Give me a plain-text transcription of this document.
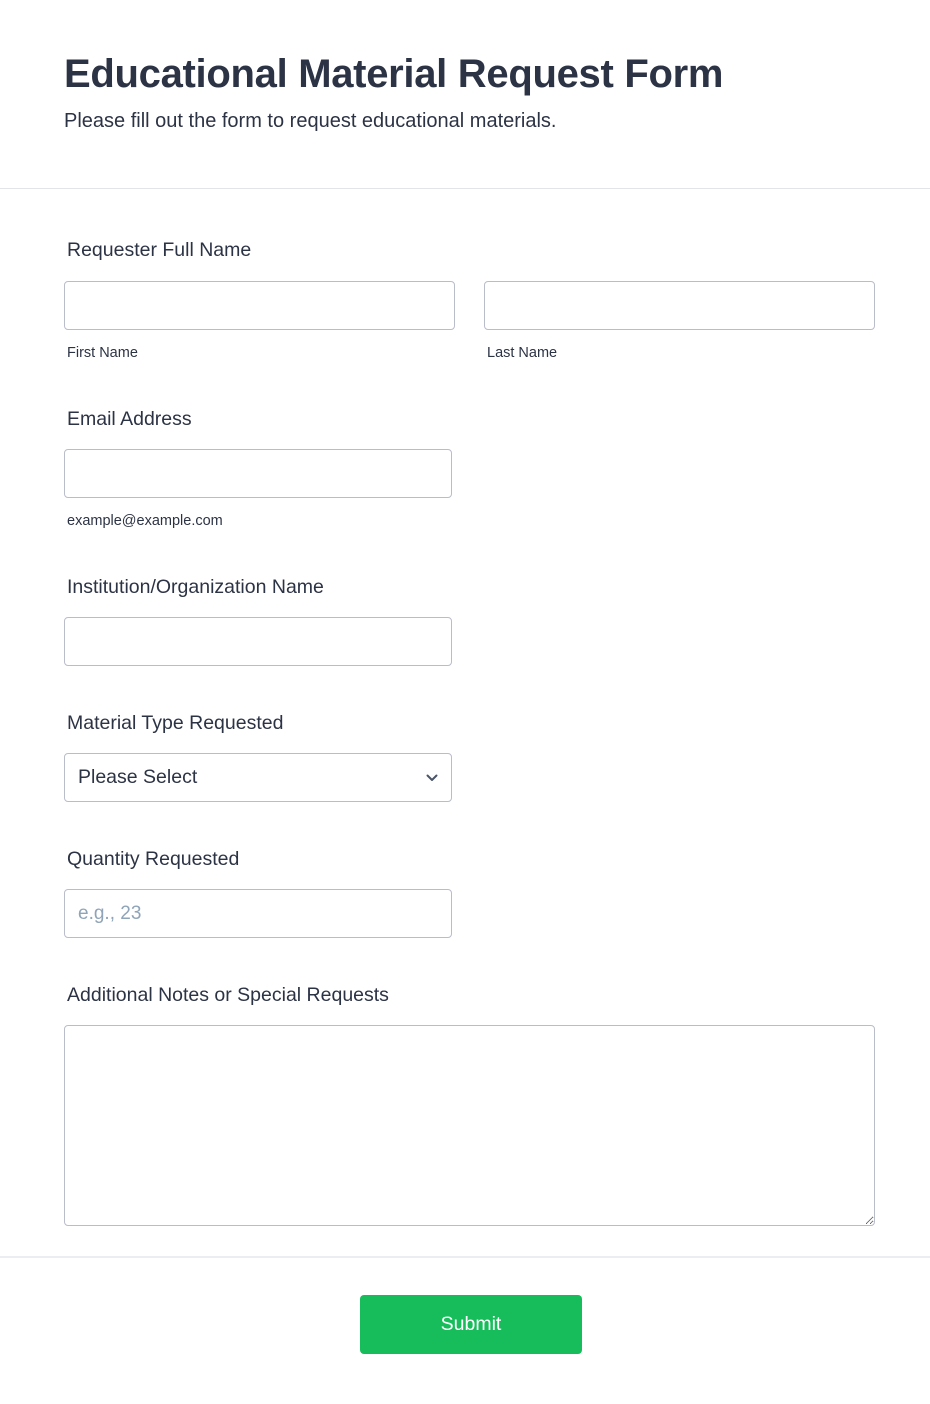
Educational Material Request Form

Please fill out the form to request educational materials.

Requester Full Name
First Name	Last Name
Email Address
example@example.com
Institution/Organization Name
Material Type Requested
Please Select
Quantity Requested
e.g., 23
Additional Notes or Special Requests
Submit
